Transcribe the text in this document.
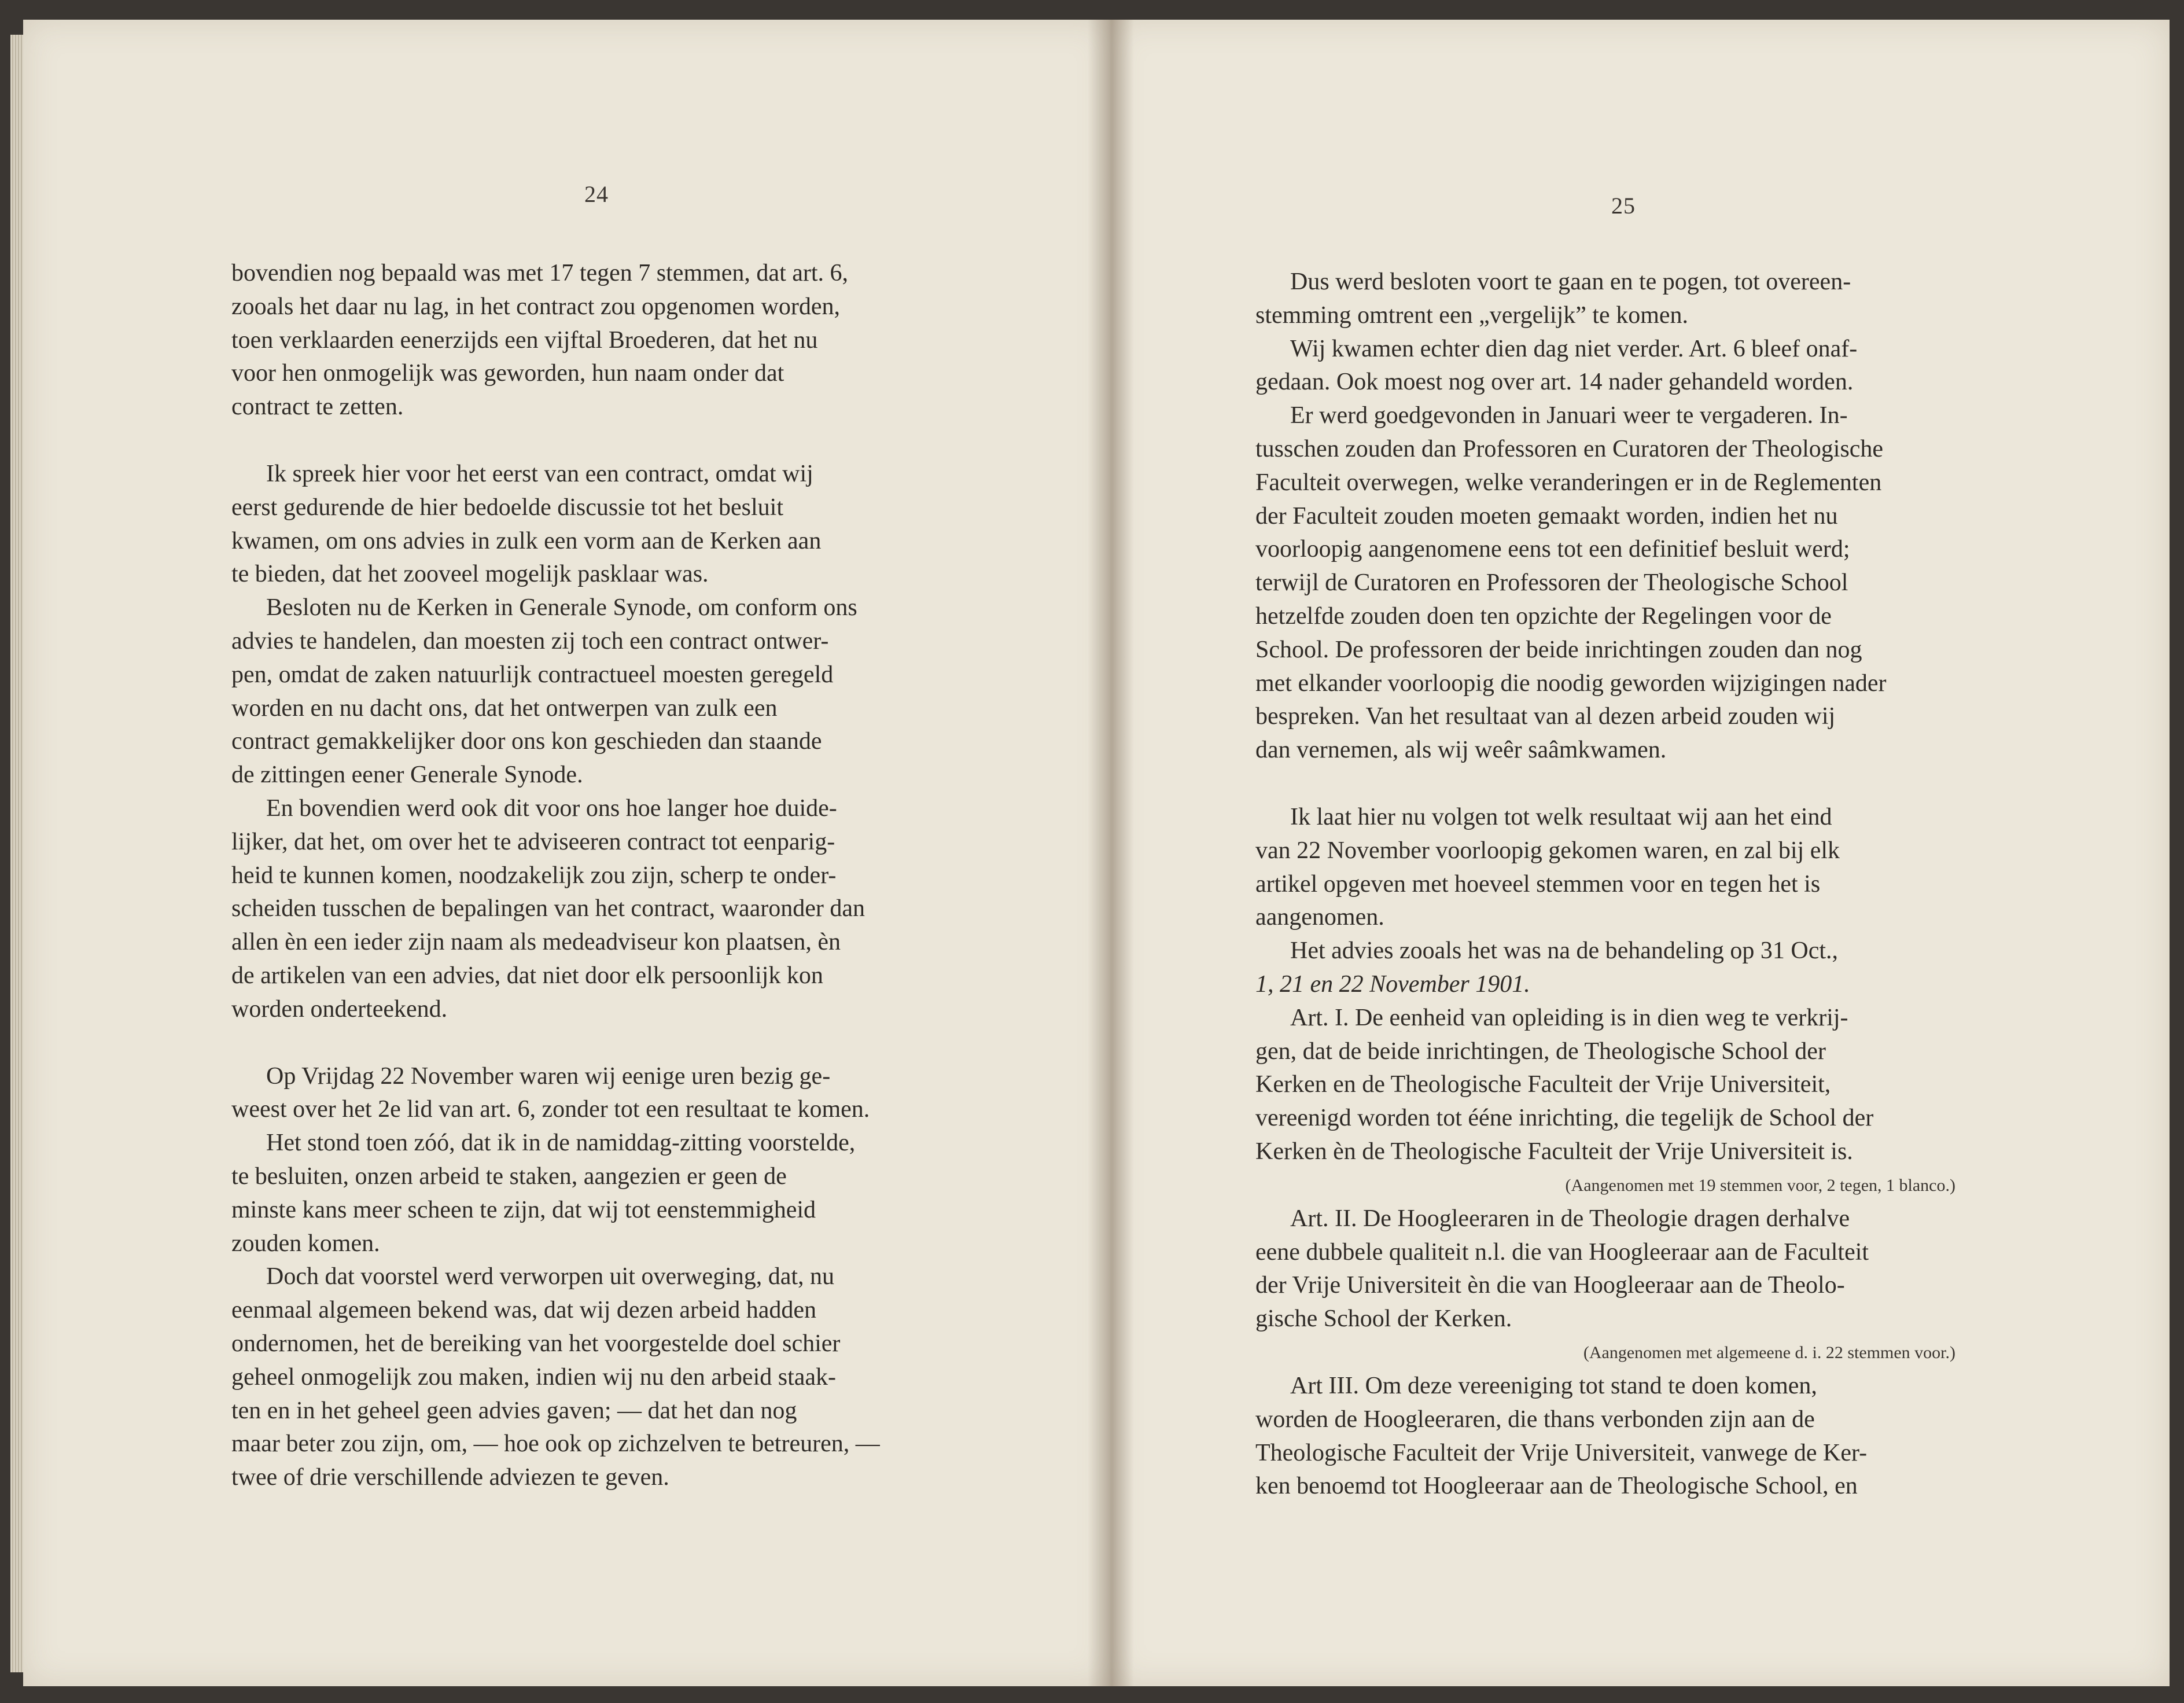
24

bovendien nog bepaald was met 17 tegen 7 stemmen, dat art. 6,

zooals het daar nu lag, in het contract zou opgenomen worden,

toen verklaarden eenerzijds een vijftal Broederen, dat het nu

voor hen onmogelijk was geworden, hun naam onder dat

contract te zetten.

Ik spreek hier voor het eerst van een contract, omdat wij

eerst gedurende de hier bedoelde discussie tot het besluit

kwamen, om ons advies in zulk een vorm aan de Kerken aan

te bieden, dat het zooveel mogelijk pasklaar was.

Besloten nu de Kerken in Generale Synode, om conform ons

advies te handelen, dan moesten zij toch een contract ontwer-

pen, omdat de zaken natuurlijk contractueel moesten geregeld

worden en nu dacht ons, dat het ontwerpen van zulk een

contract gemakkelijker door ons kon geschieden dan staande

de zittingen eener Generale Synode.

En bovendien werd ook dit voor ons hoe langer hoe duide-

lijker, dat het, om over het te adviseeren contract tot eenparig-

heid te kunnen komen, noodzakelijk zou zijn, scherp te onder-

scheiden tusschen de bepalingen van het contract, waaronder dan

allen èn een ieder zijn naam als medeadviseur kon plaatsen, èn

de artikelen van een advies, dat niet door elk persoonlijk kon

worden onderteekend.

Op Vrijdag 22 November waren wij eenige uren bezig ge-

weest over het 2e lid van art. 6, zonder tot een resultaat te komen.

Het stond toen zóó, dat ik in de namiddag-zitting voorstelde,

te besluiten, onzen arbeid te staken, aangezien er geen de

minste kans meer scheen te zijn, dat wij tot eenstemmigheid

zouden komen.

Doch dat voorstel werd verworpen uit overweging, dat, nu

eenmaal algemeen bekend was, dat wij dezen arbeid hadden

ondernomen, het de bereiking van het voorgestelde doel schier

geheel onmogelijk zou maken, indien wij nu den arbeid staak-

ten en in het geheel geen advies gaven; — dat het dan nog

maar beter zou zijn, om, — hoe ook op zichzelven te betreuren, —

twee of drie verschillende adviezen te geven.

25

Dus werd besloten voort te gaan en te pogen, tot overeen-

stemming omtrent een „vergelijk” te komen.

Wij kwamen echter dien dag niet verder. Art. 6 bleef onaf-

gedaan. Ook moest nog over art. 14 nader gehandeld worden.

Er werd goedgevonden in Januari weer te vergaderen. In-

tusschen zouden dan Professoren en Curatoren der Theologische

Faculteit overwegen, welke veranderingen er in de Reglementen

der Faculteit zouden moeten gemaakt worden, indien het nu

voorloopig aangenomene eens tot een definitief besluit werd;

terwijl de Curatoren en Professoren der Theologische School

hetzelfde zouden doen ten opzichte der Regelingen voor de

School. De professoren der beide inrichtingen zouden dan nog

met elkander voorloopig die noodig geworden wijzigingen nader

bespreken. Van het resultaat van al dezen arbeid zouden wij

dan vernemen, als wij weêr saâmkwamen.

Ik laat hier nu volgen tot welk resultaat wij aan het eind

van 22 November voorloopig gekomen waren, en zal bij elk

artikel opgeven met hoeveel stemmen voor en tegen het is

aangenomen.

Het advies zooals het was na de behandeling op 31 Oct.,

1, 21 en 22 November 1901.

Art. I. De eenheid van opleiding is in dien weg te verkrij-

gen, dat de beide inrichtingen, de Theologische School der

Kerken en de Theologische Faculteit der Vrije Universiteit,

vereenigd worden tot ééne inrichting, die tegelijk de School der

Kerken èn de Theologische Faculteit der Vrije Universiteit is.

(Aangenomen met 19 stemmen voor, 2 tegen, 1 blanco.)

Art. II. De Hoogleeraren in de Theologie dragen derhalve

eene dubbele qualiteit n.l. die van Hoogleeraar aan de Faculteit

der Vrije Universiteit èn die van Hoogleeraar aan de Theolo-

gische School der Kerken.

(Aangenomen met algemeene d. i. 22 stemmen voor.)

Art III. Om deze vereeniging tot stand te doen komen,

worden de Hoogleeraren, die thans verbonden zijn aan de

Theologische Faculteit der Vrije Universiteit, vanwege de Ker-

ken benoemd tot Hoogleeraar aan de Theologische School, en
